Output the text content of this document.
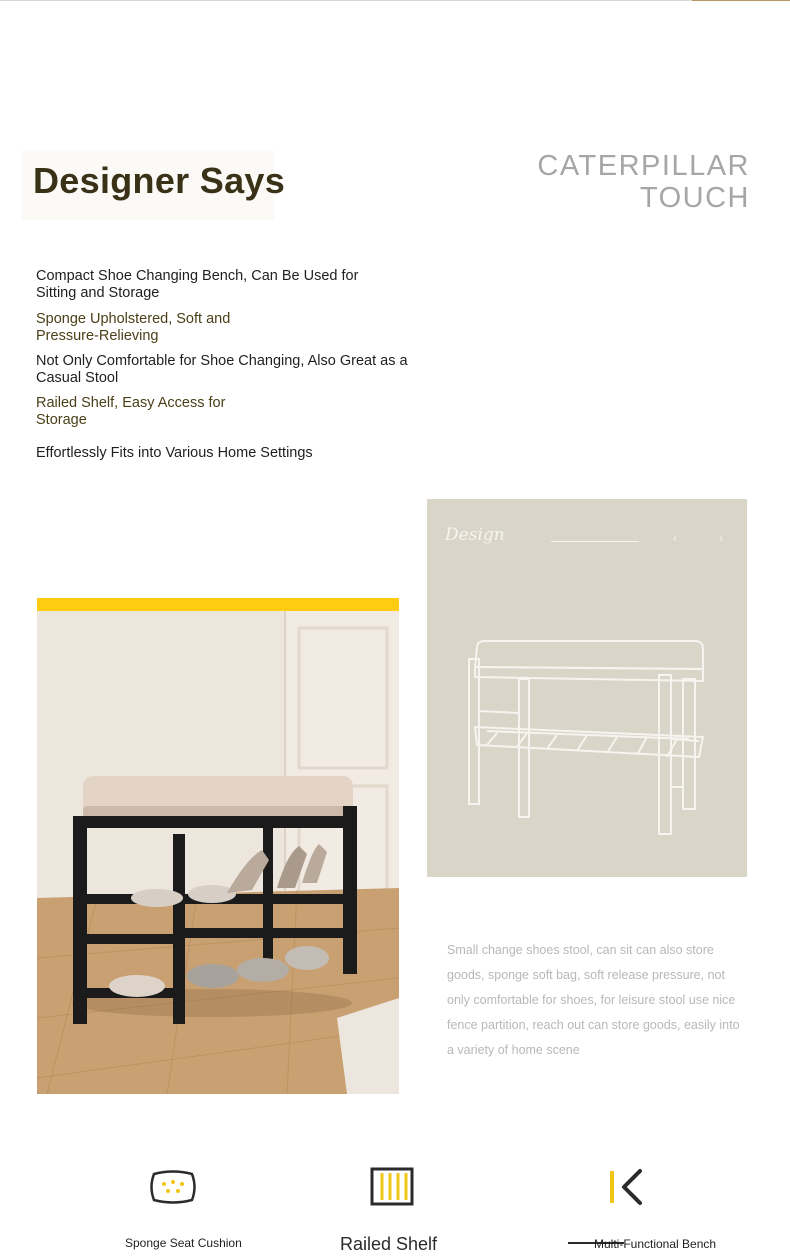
Designer Says	CATERPILLAR
TOUCH

Compact Shoe Changing Bench, Can Be Used for Sitting and Storage

Sponge Upholstered, Soft and Pressure-Relieving

Not Only Comfortable for Shoe Changing, Also Great as a Casual Stool

Railed Shelf, Easy Access for Storage

Effortlessly Fits into Various Home Settings

Design	‹	›

Small change shoes stool, can sit can also store goods, sponge soft bag, soft release pressure, not only comfortable for shoes, for leisure stool use nice fence partition, reach out can store goods, easily into a variety of home scene

Sponge Seat Cushion	Railed Shelf	Multi-Functional Bench
